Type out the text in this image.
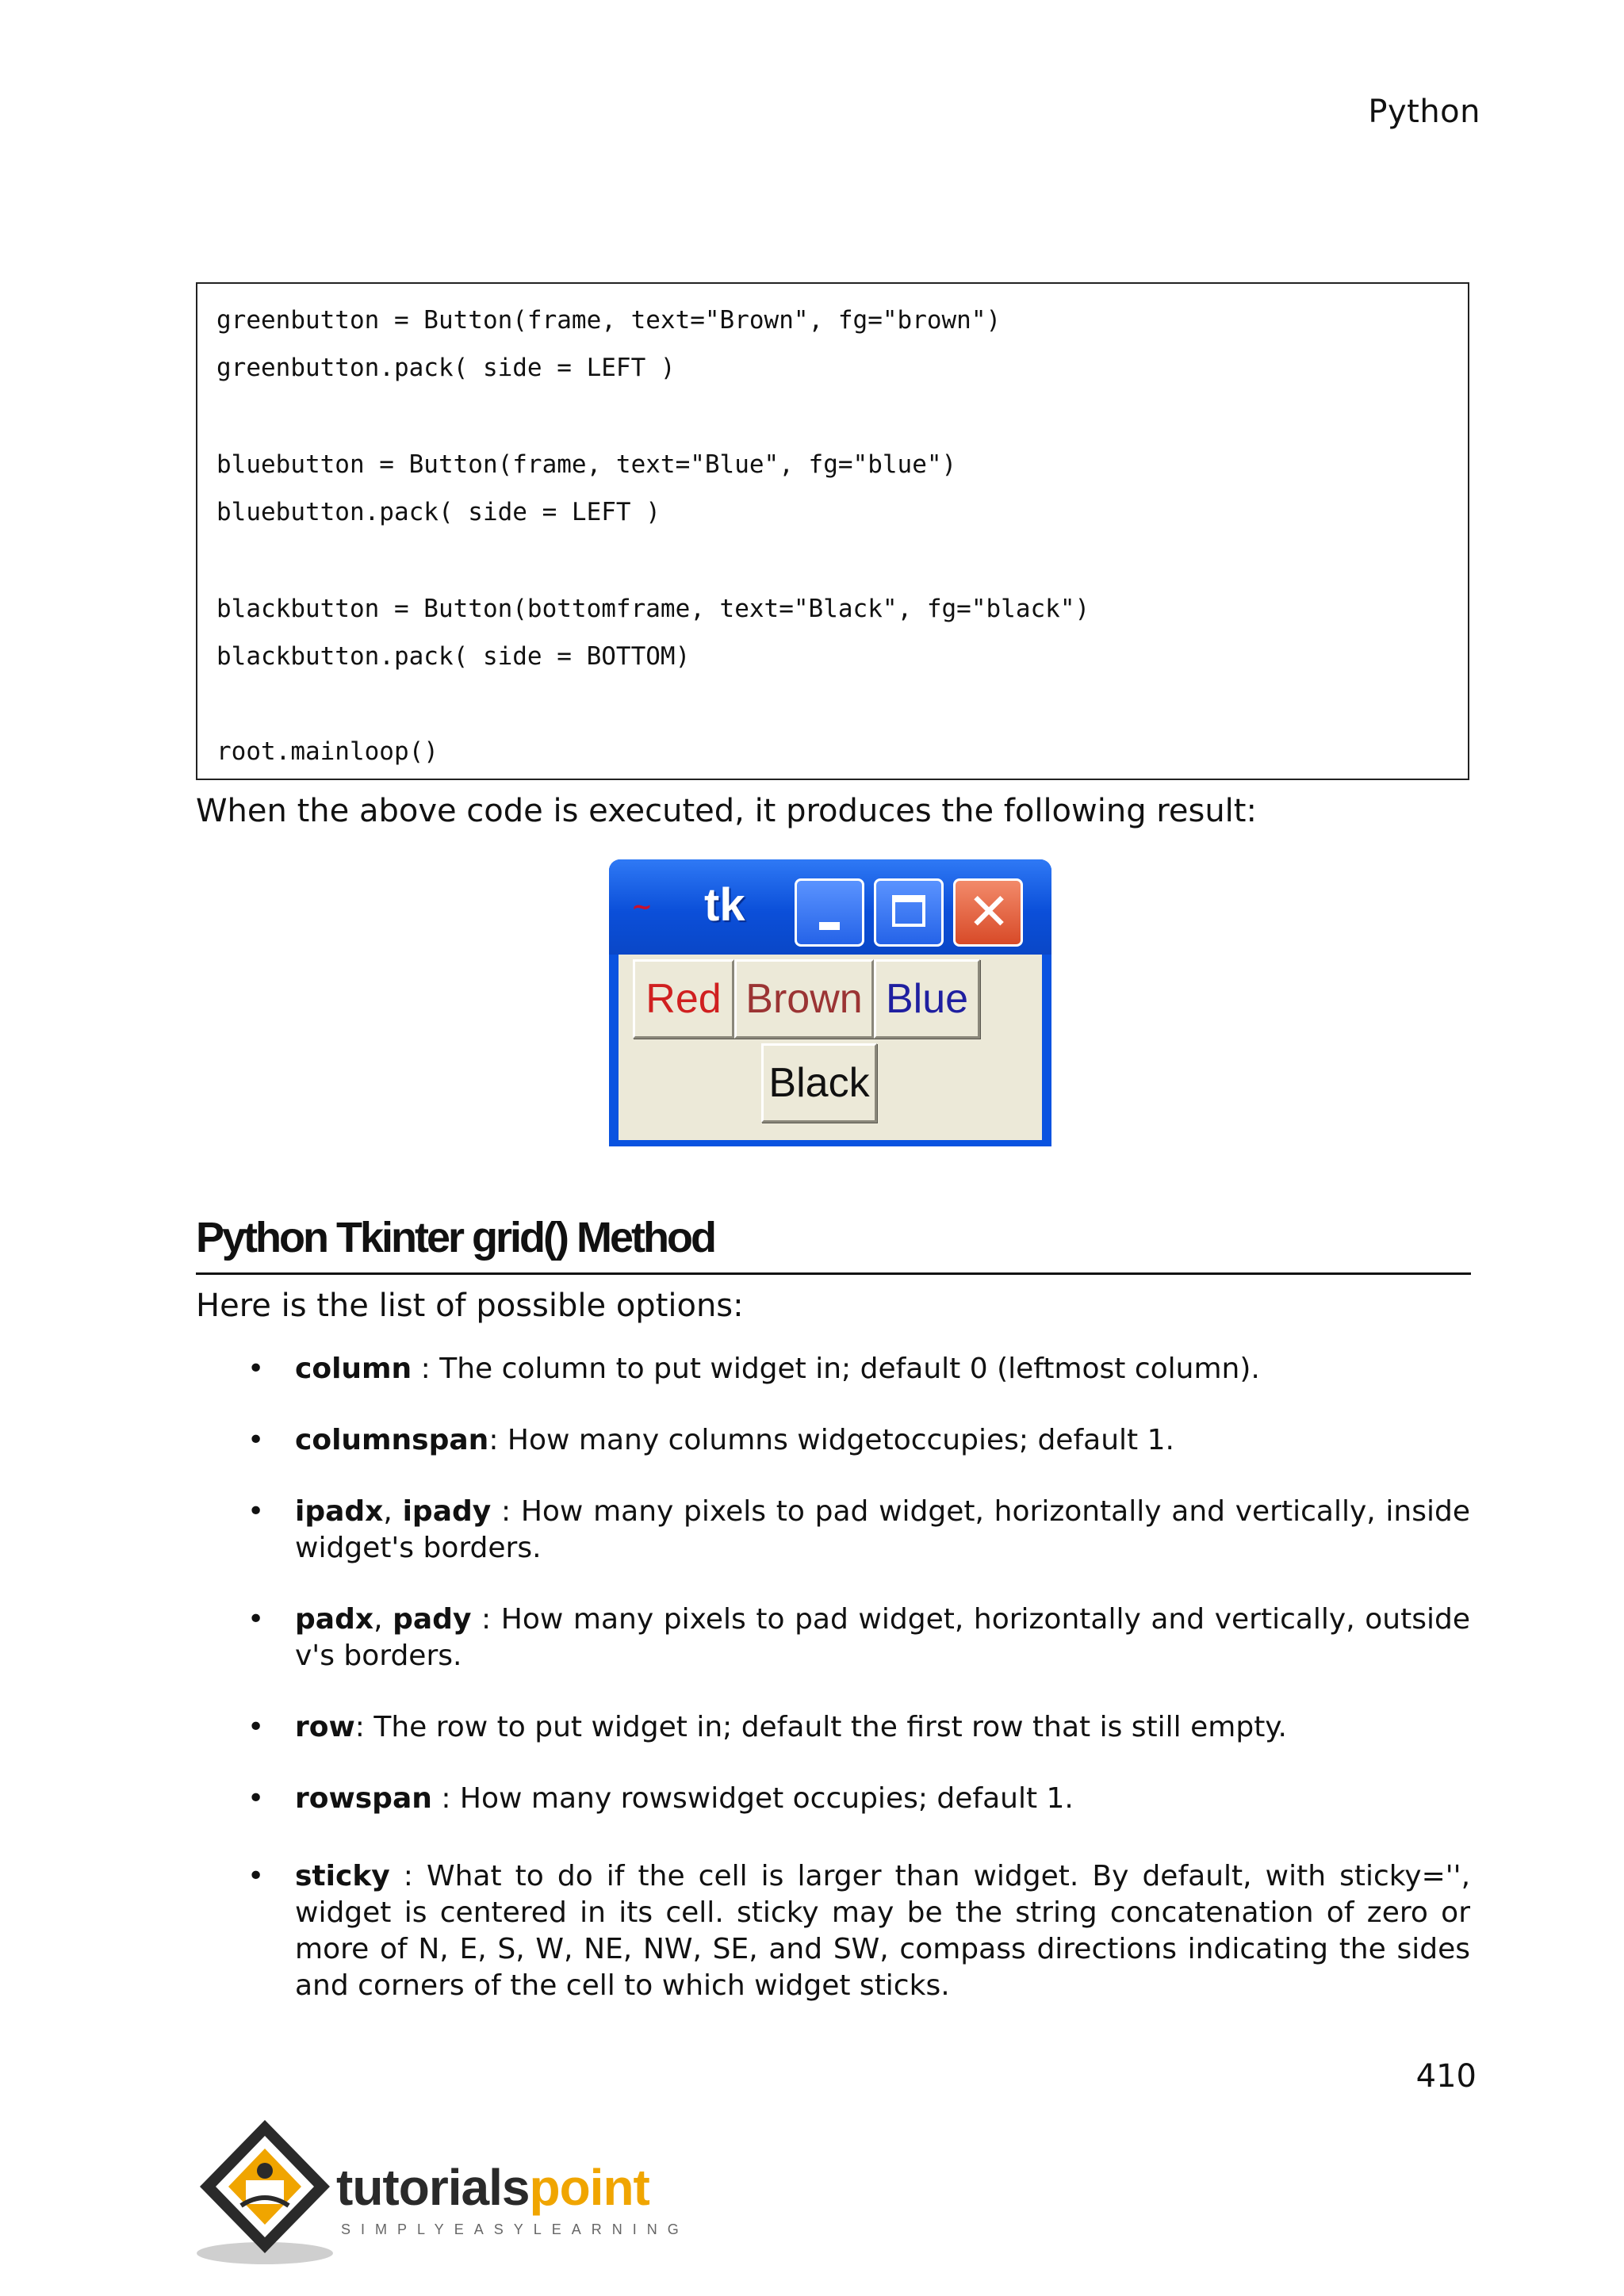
Python
greenbutton = Button(frame, text="Brown", fg="brown")
greenbutton.pack( side = LEFT )
bluebutton = Button(frame, text="Blue", fg="blue")
bluebutton.pack( side = LEFT )
blackbutton = Button(bottomframe, text="Black", fg="black")
blackbutton.pack( side = BOTTOM)
root.mainloop()
When the above code is executed, it produces the following result:
~	tk	✕
Red Brown Blue
Black
Python Tkinter grid() Method
Here is the list of possible options:
• column : The column to put widget in; default 0 (leftmost column).
• columnspan: How many columns widgetoccupies; default 1.
• ipadx, ipady : How many pixels to pad widget, horizontally and vertically, inside widget's borders.
• padx, pady : How many pixels to pad widget, horizontally and vertically, outside v's borders.
• row: The row to put widget in; default the first row that is still empty.
• rowspan : How many rowswidget occupies; default 1.
• sticky : What to do if the cell is larger than widget. By default, with sticky='', widget is centered in its cell. sticky may be the string concatenation of zero or more of N, E, S, W, NE, NW, SE, and SW, compass directions indicating the sides and corners of the cell to which widget sticks.
410
tutorialspoint
SIMPLYEASYLEARNING
